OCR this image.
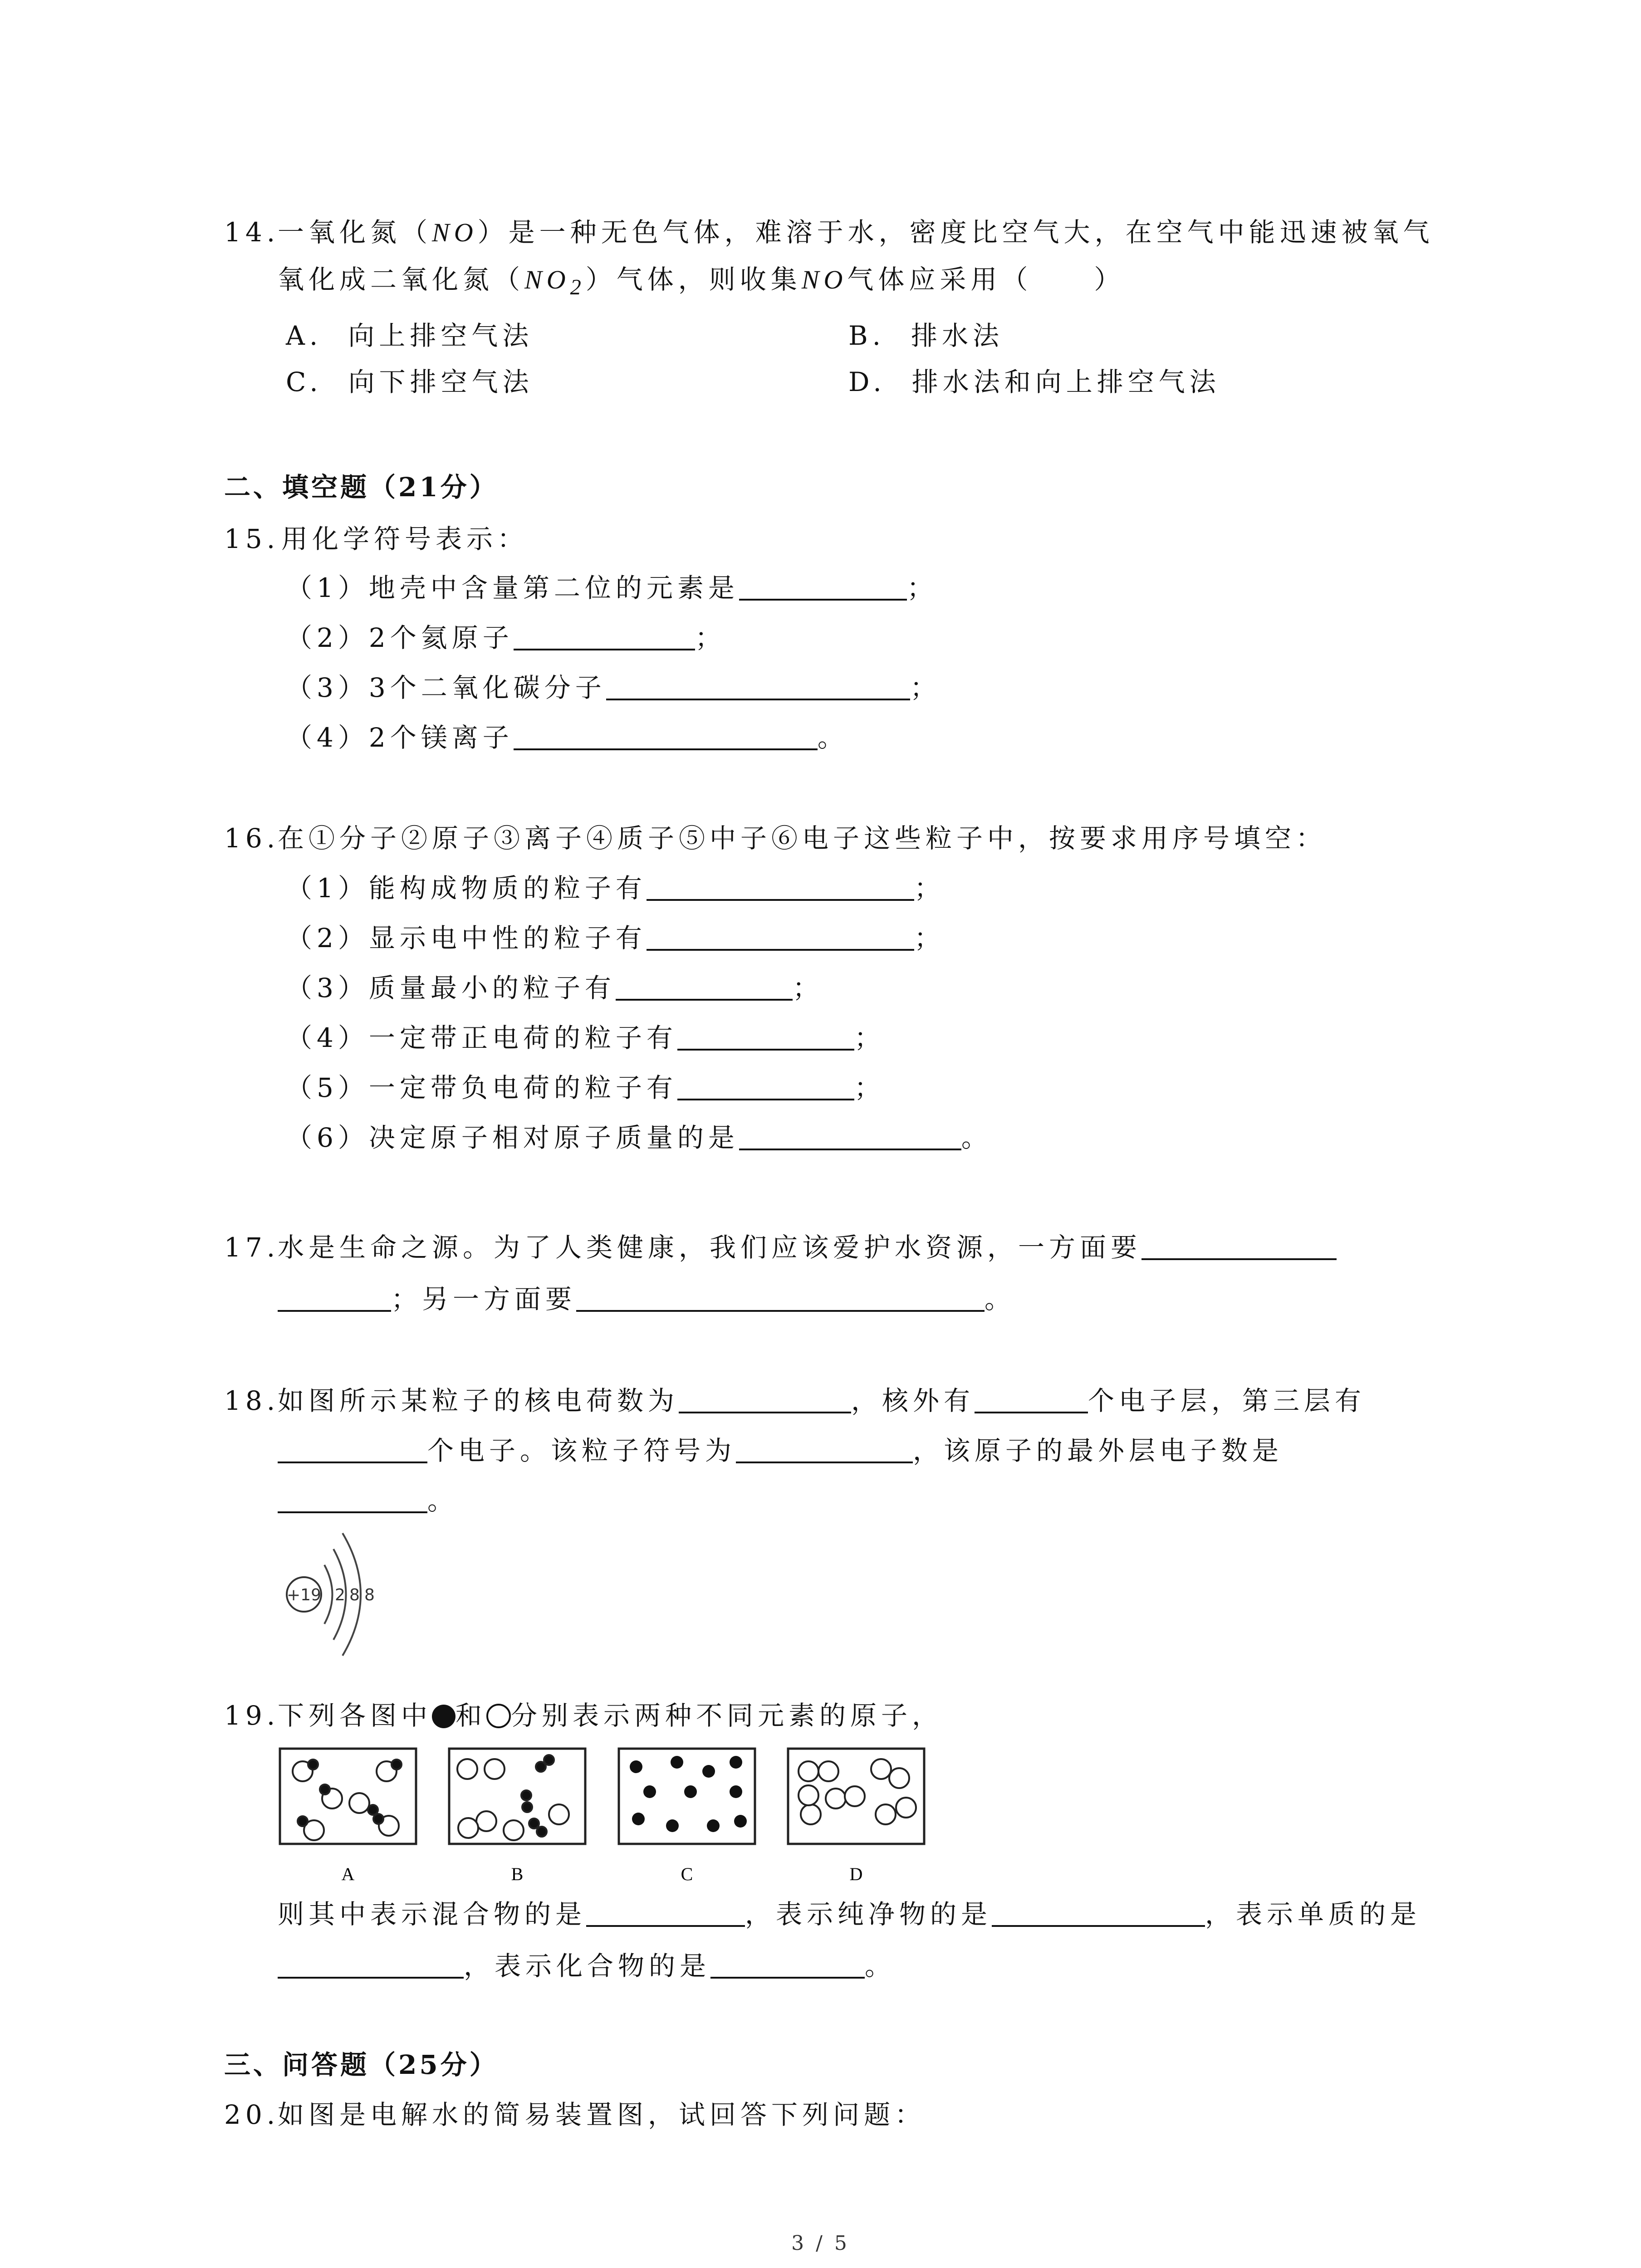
14.
一氧化氮（NO）是一种无色气体，难溶于水，密度比空气大，在空气中能迅速被氧气
氧化成二氧化氮$(NO_2)$气体，则收集NO气体应采用（　　）
A. 向上排空气法	B. 排水法
C. 向下排空气法	D. 排水法和向上排空气法
二、填空题（21分）
15. 用化学符号表示：
（1）地壳中含量第二位的元素是	；
（2）2个氦原子	；
（3）3个二氧化碳分子	；
（4）2个镁离子	。
16.
在①分子②原子③离子④质子⑤中子⑥电子这些粒子中，按要求用序号填空：
（1）能构成物质的粒子有	；
（2）显示电中性的粒子有	；
（3）质量最小的粒子有	；
（4）一定带正电荷的粒子有	；
（5）一定带负电荷的粒子有	；
（6）决定原子相对原子质量的是	。
17.
水是生命之源。为了人类健康，我们应该爱护水资源，一方面要
；另一方面要	。
18.
如图所示某粒子的核电荷数为	，核外有	个电子层，第三层有
个电子。该粒子符号为	，该原子的最外层电子数是
。
+19 2 8 8
19.
下列各图中 和 分别表示两种不同元素的原子，
A	B	C	D
则其中表示混合物的是	，表示纯净物的是	，表示单质的是
，表示化合物的是	。
三、问答题（25分）
20.
如图是电解水的简易装置图，试回答下列问题：
3 / 5
